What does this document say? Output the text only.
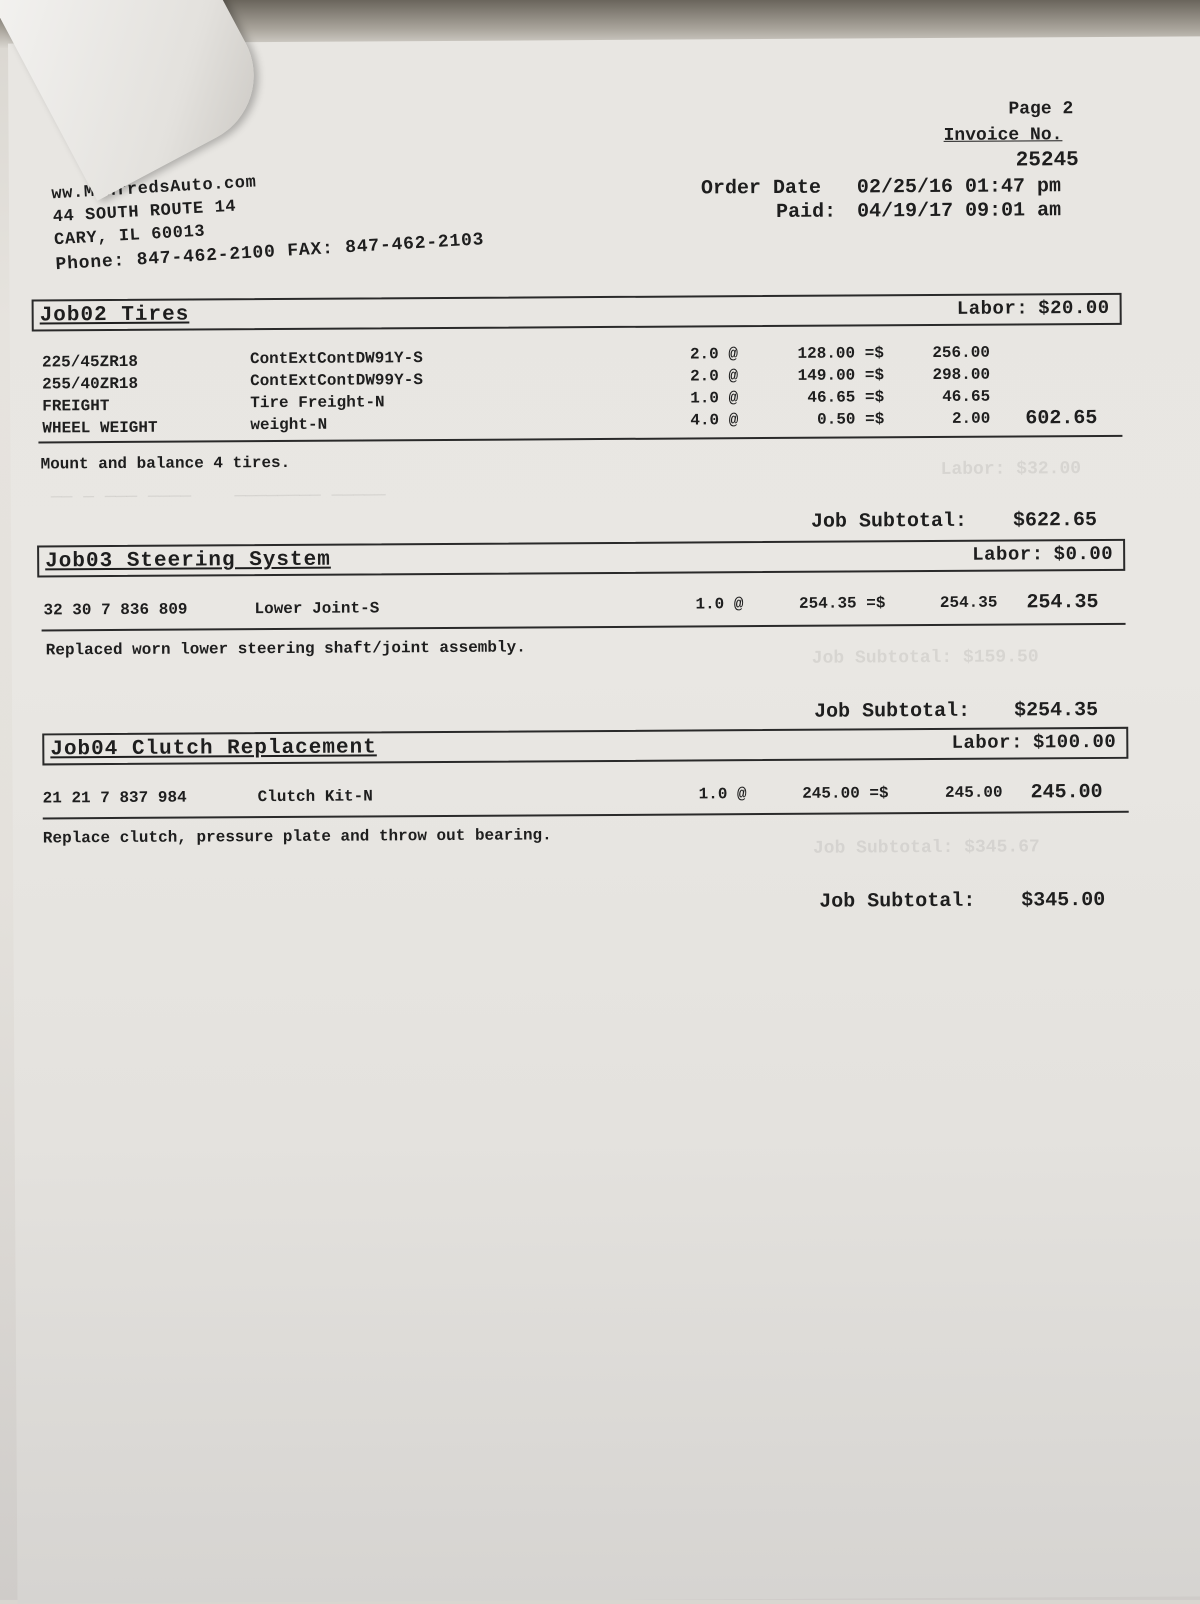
Labor: $32.00
── ─ ─── ────    ──────── ─────
Job Subtotal: $159.50
Job Subtotal: $345.67
ww.ManfredsAuto.com
44 SOUTH ROUTE 14
CARY, IL 60013
Phone: 847-462-2100 FAX: 847-462-2103
Page 2
Invoice No.
25245
Order Date 02/25/16 01:47 pm
Paid: 04/19/17 09:01 am
Job02 Tires	Labor: $20.00
225/45ZR18	ContExtContDW91Y-S	2.0 @	128.00 =$	256.00
255/40ZR18	ContExtContDW99Y-S	2.0 @	149.00 =$	298.00
FREIGHT	Tire Freight-N	1.0 @	46.65 =$	46.65
WHEEL WEIGHT	weight-N	4.0 @	0.50 =$	2.00 602.65
Mount and balance 4 tires.
Job Subtotal: $622.65
Job03 Steering System	Labor: $0.00
32 30 7 836 809	Lower Joint-S	1.0 @	254.35 =$	254.35 254.35
Replaced worn lower steering shaft/joint assembly.
Job Subtotal: $254.35
Job04 Clutch Replacement	Labor: $100.00
21 21 7 837 984	Clutch Kit-N	1.0 @	245.00 =$	245.00 245.00
Replace clutch, pressure plate and throw out bearing.
Job Subtotal: $345.00
